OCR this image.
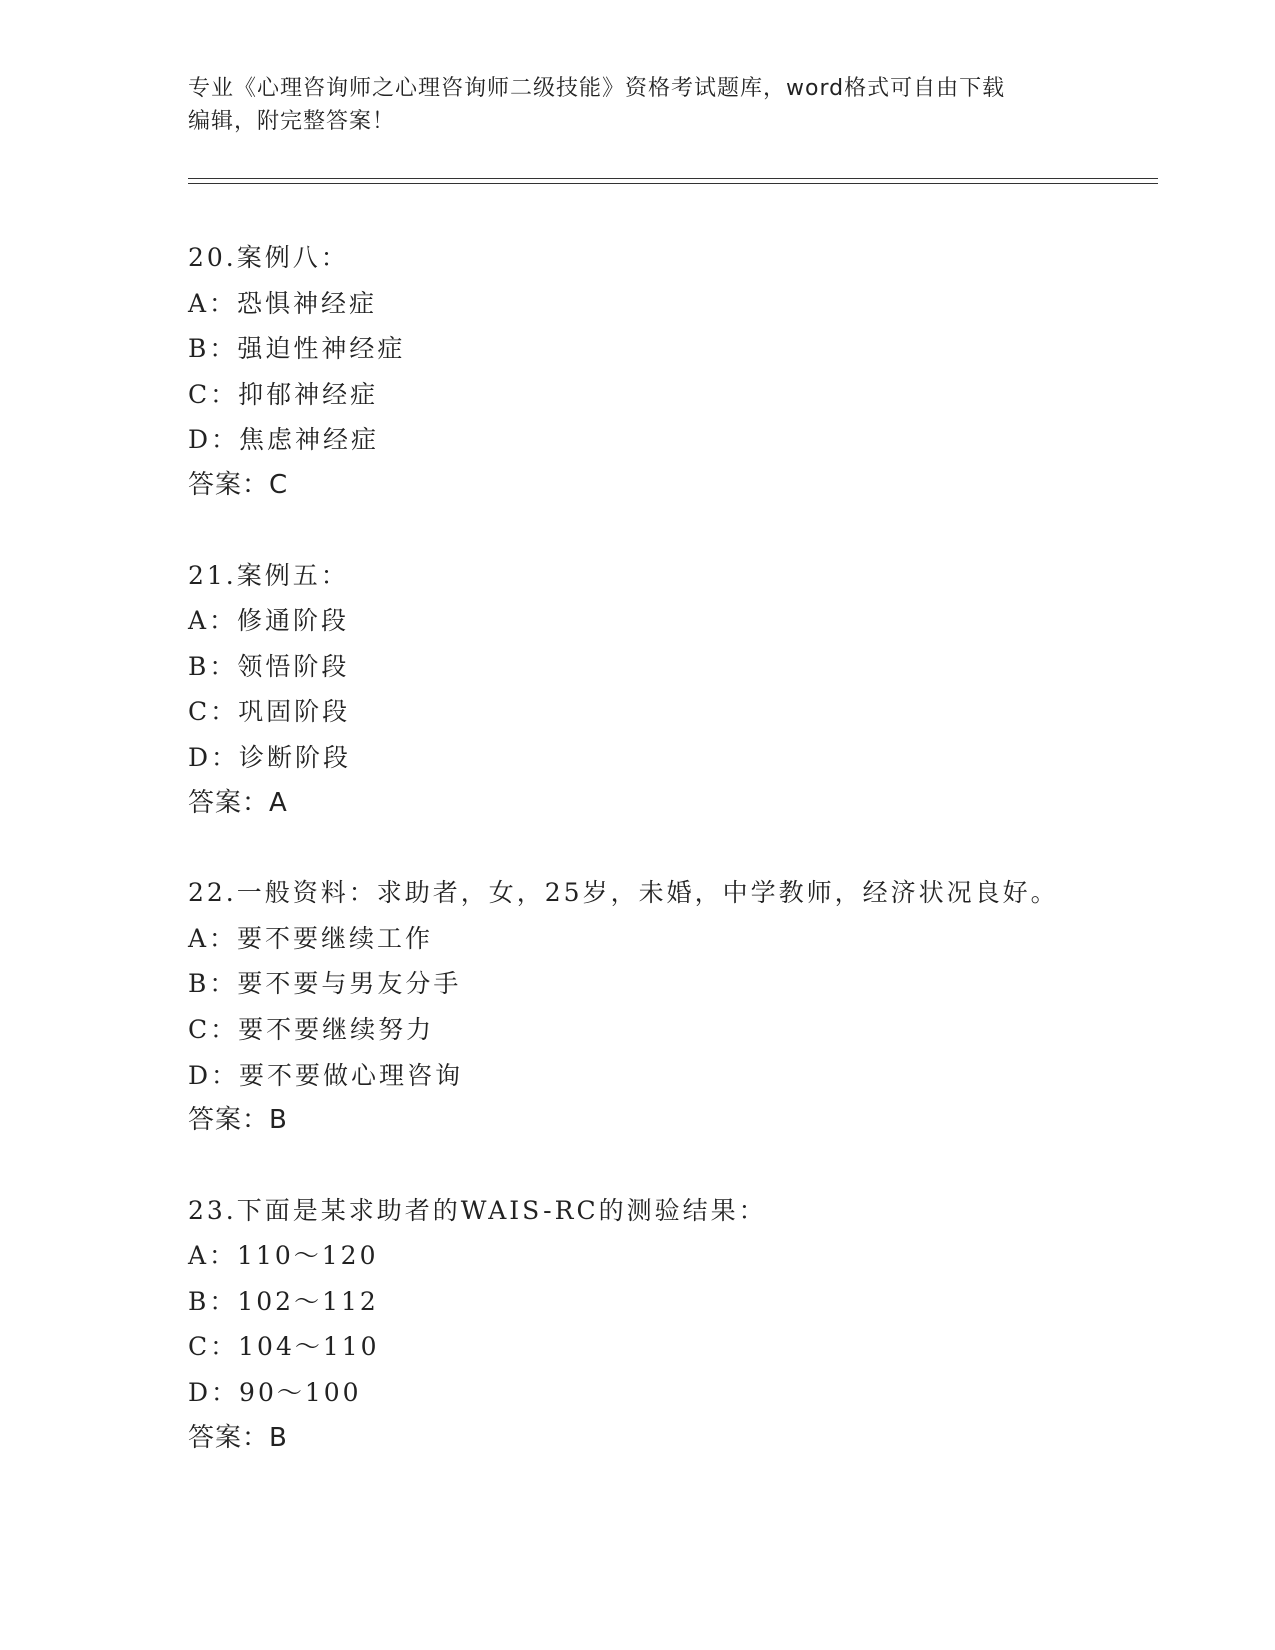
专业《心理咨询师之心理咨询师二级技能》资格考试题库，word格式可自由下载
编辑，附完整答案！
20.案例八：
A：恐惧神经症
B：强迫性神经症
C：抑郁神经症
D：焦虑神经症
答案：C
21.案例五：
A：修通阶段
B：领悟阶段
C：巩固阶段
D：诊断阶段
答案：A
22.一般资料：求助者，女，25岁，未婚，中学教师，经济状况良好。
A：要不要继续工作
B：要不要与男友分手
C：要不要继续努力
D：要不要做心理咨询
答案：B
23.下面是某求助者的WAIS-RC的测验结果：
A：110～120
B：102～112
C：104～110
D：90～100
答案：B
